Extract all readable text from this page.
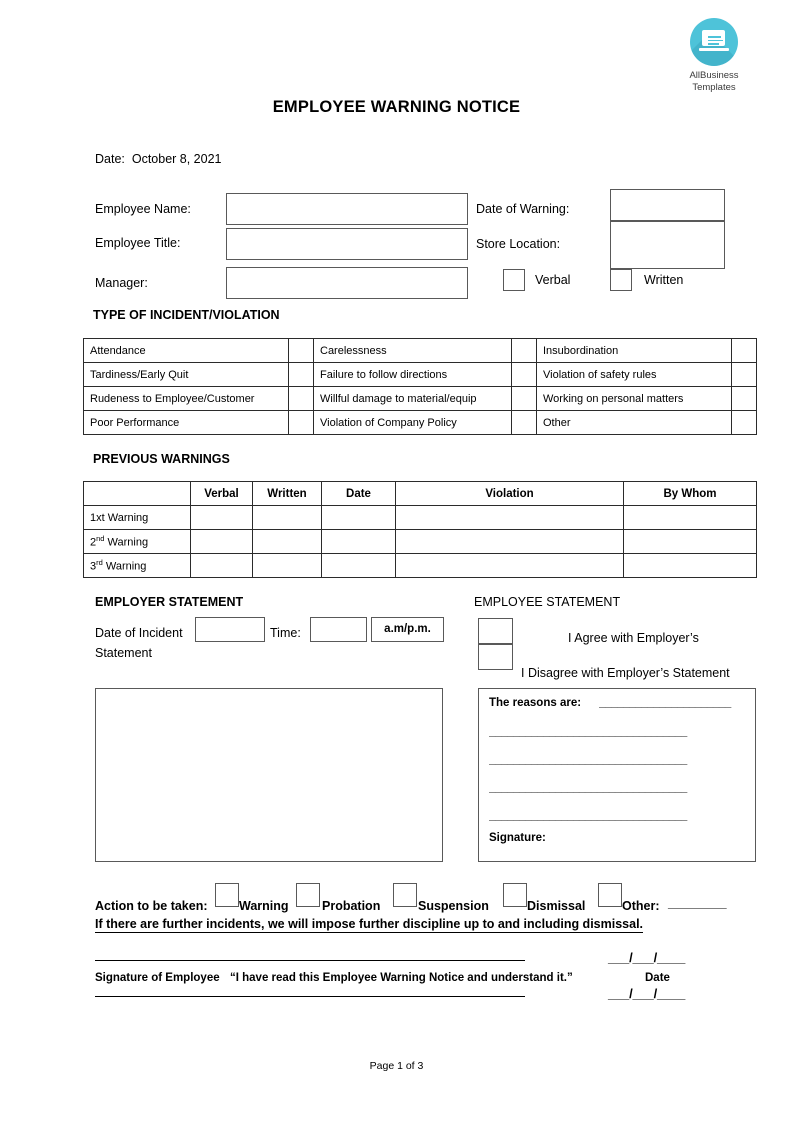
AllBusiness
Templates
EMPLOYEE WARNING NOTICE
Date: October 8, 2021
Employee Name:
Employee Title:
Manager:
Date of Warning:
Store Location:
Verbal	Written
TYPE OF INCIDENT/VIOLATION
Attendance		Carelessness		Insubordination	
Tardiness/Early Quit		Failure to follow directions		Violation of safety rules	
Rudeness to Employee/Customer		Willful damage to material/equip		Working on personal matters	
Poor Performance		Violation of Company Policy		Other	
PREVIOUS WARNINGS
	Verbal	Written	Date	Violation	By Whom
1xt Warning					
2nd Warning					
3rd Warning					
EMPLOYER STATEMENT	EMPLOYEE STATEMENT
Date of Incident	Time:	a.m/p.m.
Statement
I Agree with Employer’s
I Disagree with Employer’s Statement
The reasons are: ______________________
_________________________________
_________________________________
_________________________________
_________________________________
Signature:
Action to be taken:	Warning	Probation	Suspension	Dismissal	Other: _________
If there are further incidents, we will impose further discipline up to and including dismissal.
Signature of Employee “I have read this Employee Warning Notice and understand it.”
___/___/____
Date
___/___/____
Page 1 of 3
